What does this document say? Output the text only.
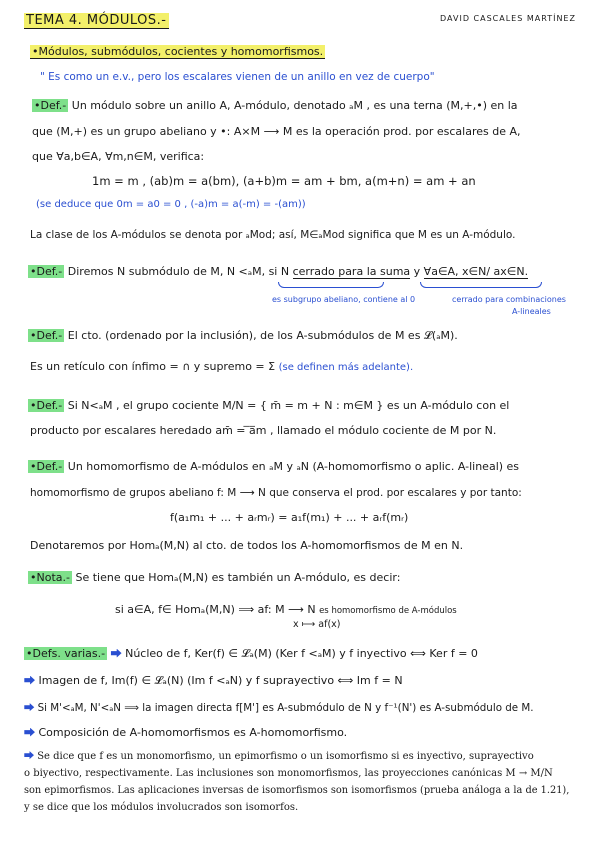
TEMA 4. MÓDULOS.-	DAVID CASCALES MARTÍNEZ
•Módulos, submódulos, cocientes y homomorfismos.
" Es como un e.v., pero los escalares vienen de un anillo en vez de cuerpo"
•Def.- Un módulo sobre un anillo A, A-módulo, denotado ₐM , es una terna (M,+,•) en la
que (M,+) es un grupo abeliano y •: A×M ⟶ M es la operación prod. por escalares de A,
que ∀a,b∈A, ∀m,n∈M, verifica:
1m = m , (ab)m = a(bm), (a+b)m = am + bm, a(m+n) = am + an
(se deduce que 0m = a0 = 0 , (-a)m = a(-m) = -(am))
La clase de los A-módulos se denota por ₐMod; así, M∈ₐMod significa que M es un A-módulo.
•Def.- Diremos N submódulo de M, N <ₐM, si N cerrado para la suma y ∀a∈A, x∈N/ ax∈N.
es subgrupo abeliano, contiene al 0	cerrado para combinaciones
A-lineales
•Def.- El cto. (ordenado por la inclusión), de los A-submódulos de M es 𝓛(ₐM).
Es un retículo con ínfimo = ∩ y supremo = Σ (se definen más adelante).
•Def.- Si N<ₐM , el grupo cociente M/N = { m̄ = m + N : m∈M } es un A-módulo con el
producto por escalares heredado am̄ = ̅a̅m , llamado el módulo cociente de M por N.
•Def.- Un homomorfismo de A-módulos en ₐM y ₐN (A-homomorfismo o aplic. A-lineal) es
homomorfismo de grupos abeliano f: M ⟶ N que conserva el prod. por escalares y por tanto:
f(a₁m₁ + ... + aᵣmᵣ) = a₁f(m₁) + ... + aᵣf(mᵣ)
Denotaremos por Homₐ(M,N) al cto. de todos los A-homomorfismos de M en N.
•Nota.- Se tiene que Homₐ(M,N) es también un A-módulo, es decir:
si a∈A, f∈ Homₐ(M,N) ⟹ af: M ⟶ N es homomorfismo de A-módulos
x ⟼ af(x)
•Defs. varias.- ⮕ Núcleo de f, Ker(f) ∈ 𝓛ₐ(M) (Ker f <ₐM) y f inyectivo ⟺ Ker f = 0
⮕ Imagen de f, Im(f) ∈ 𝓛ₐ(N) (Im f <ₐN) y f suprayectivo ⟺ Im f = N
⮕ Si M'<ₐM, N'<ₐN ⟹ la imagen directa f[M'] es A-submódulo de N y f⁻¹(N') es A-submódulo de M.
⮕ Composición de A-homomorfismos es A-homomorfismo.
⮕ Se dice que f es un monomorfismo, un epimorfismo o un isomorfismo si es inyectivo, suprayectivo
o biyectivo, respectivamente. Las inclusiones son monomorfismos, las proyecciones canónicas M → M/N
son epimorfismos. Las aplicaciones inversas de isomorfismos son isomorfismos (prueba análoga a la de 1.21),
y se dice que los módulos involucrados son isomorfos.
